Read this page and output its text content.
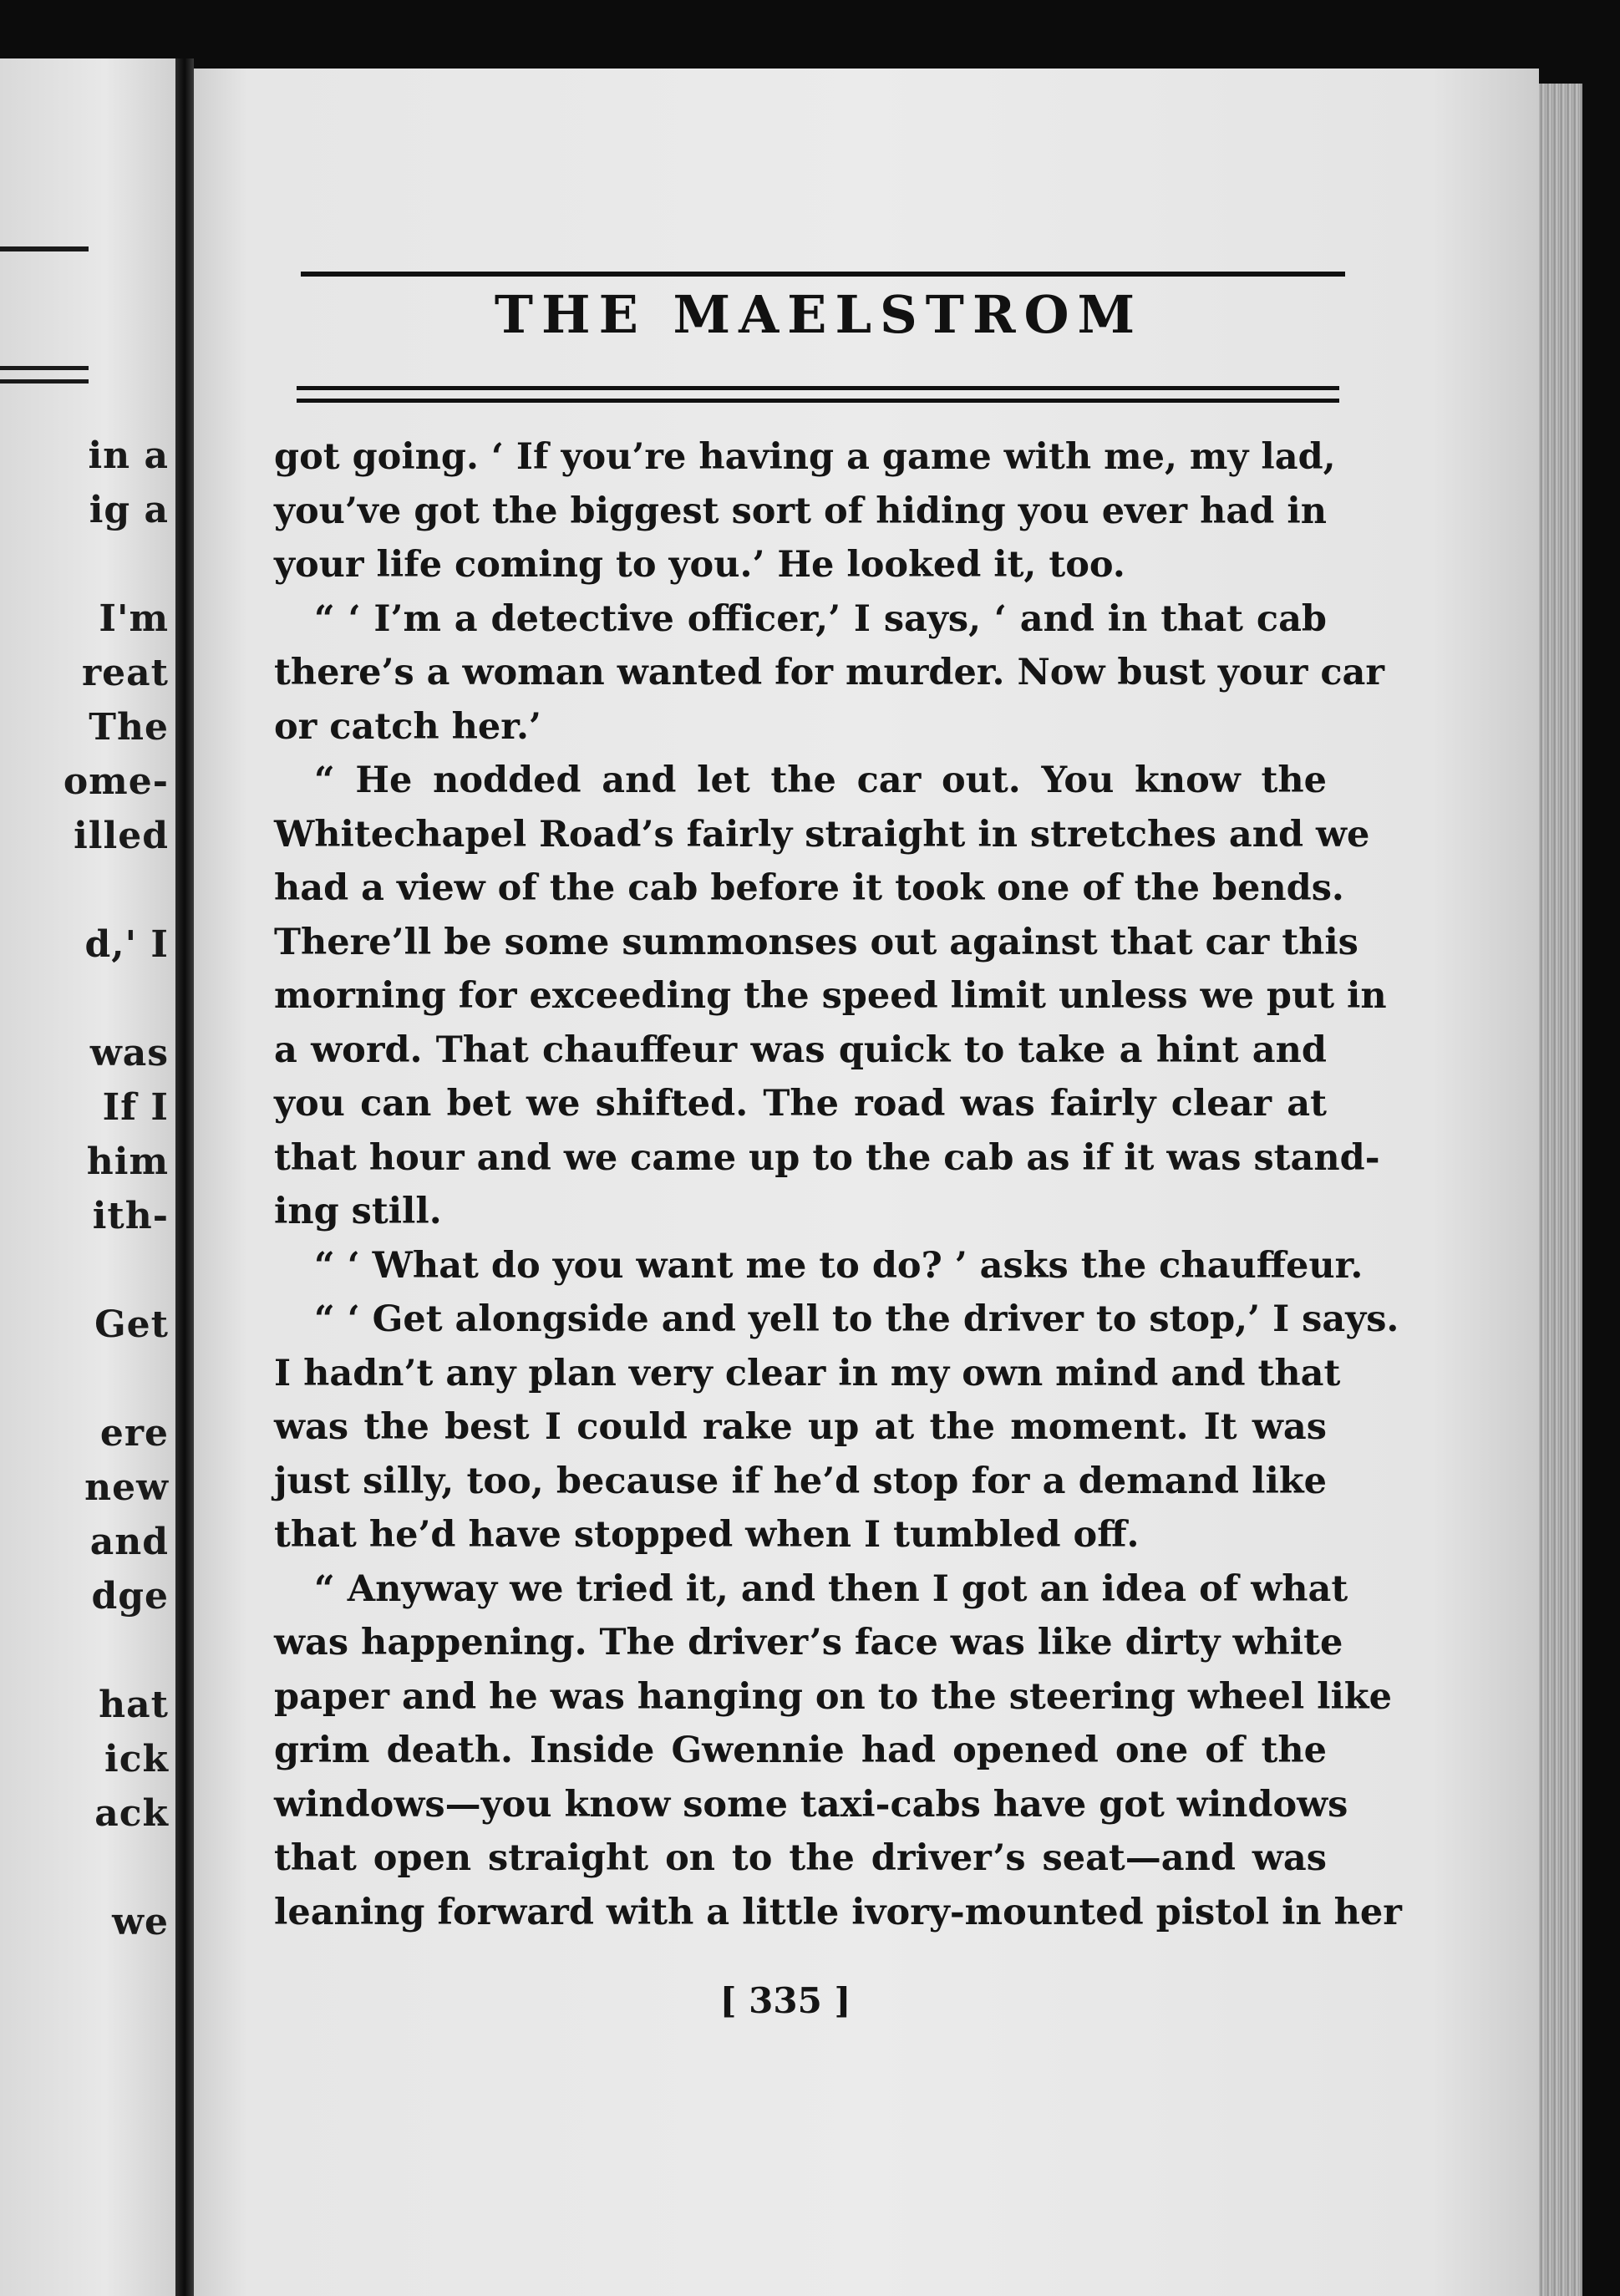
in a
ig a
I'm
reat
The
ome-
illed
d,' I
was
If I
him
ith-
Get
ere
new
and
dge
hat
ick
ack
we
THE MAELSTROM
got going. ‘ If you’re having a game with me, my lad,
you’ve got the biggest sort of hiding you ever had in
your life coming to you.’ He looked it, too.
“ ‘ I’m a detective officer,’ I says, ‘ and in that cab
there’s a woman wanted for murder. Now bust your car
or catch her.’
“ He nodded and let the car out. You know the
Whitechapel Road’s fairly straight in stretches and we
had a view of the cab before it took one of the bends.
There’ll be some summonses out against that car this
morning for exceeding the speed limit unless we put in
a word. That chauffeur was quick to take a hint and
you can bet we shifted. The road was fairly clear at
that hour and we came up to the cab as if it was stand-
ing still.
“ ‘ What do you want me to do? ’ asks the chauffeur.
“ ‘ Get alongside and yell to the driver to stop,’ I says.
I hadn’t any plan very clear in my own mind and that
was the best I could rake up at the moment. It was
just silly, too, because if he’d stop for a demand like
that he’d have stopped when I tumbled off.
“ Anyway we tried it, and then I got an idea of what
was happening. The driver’s face was like dirty white
paper and he was hanging on to the steering wheel like
grim death. Inside Gwennie had opened one of the
windows—you know some taxi-cabs have got windows
that open straight on to the driver’s seat—and was
leaning forward with a little ivory-mounted pistol in her
[ 335 ]
